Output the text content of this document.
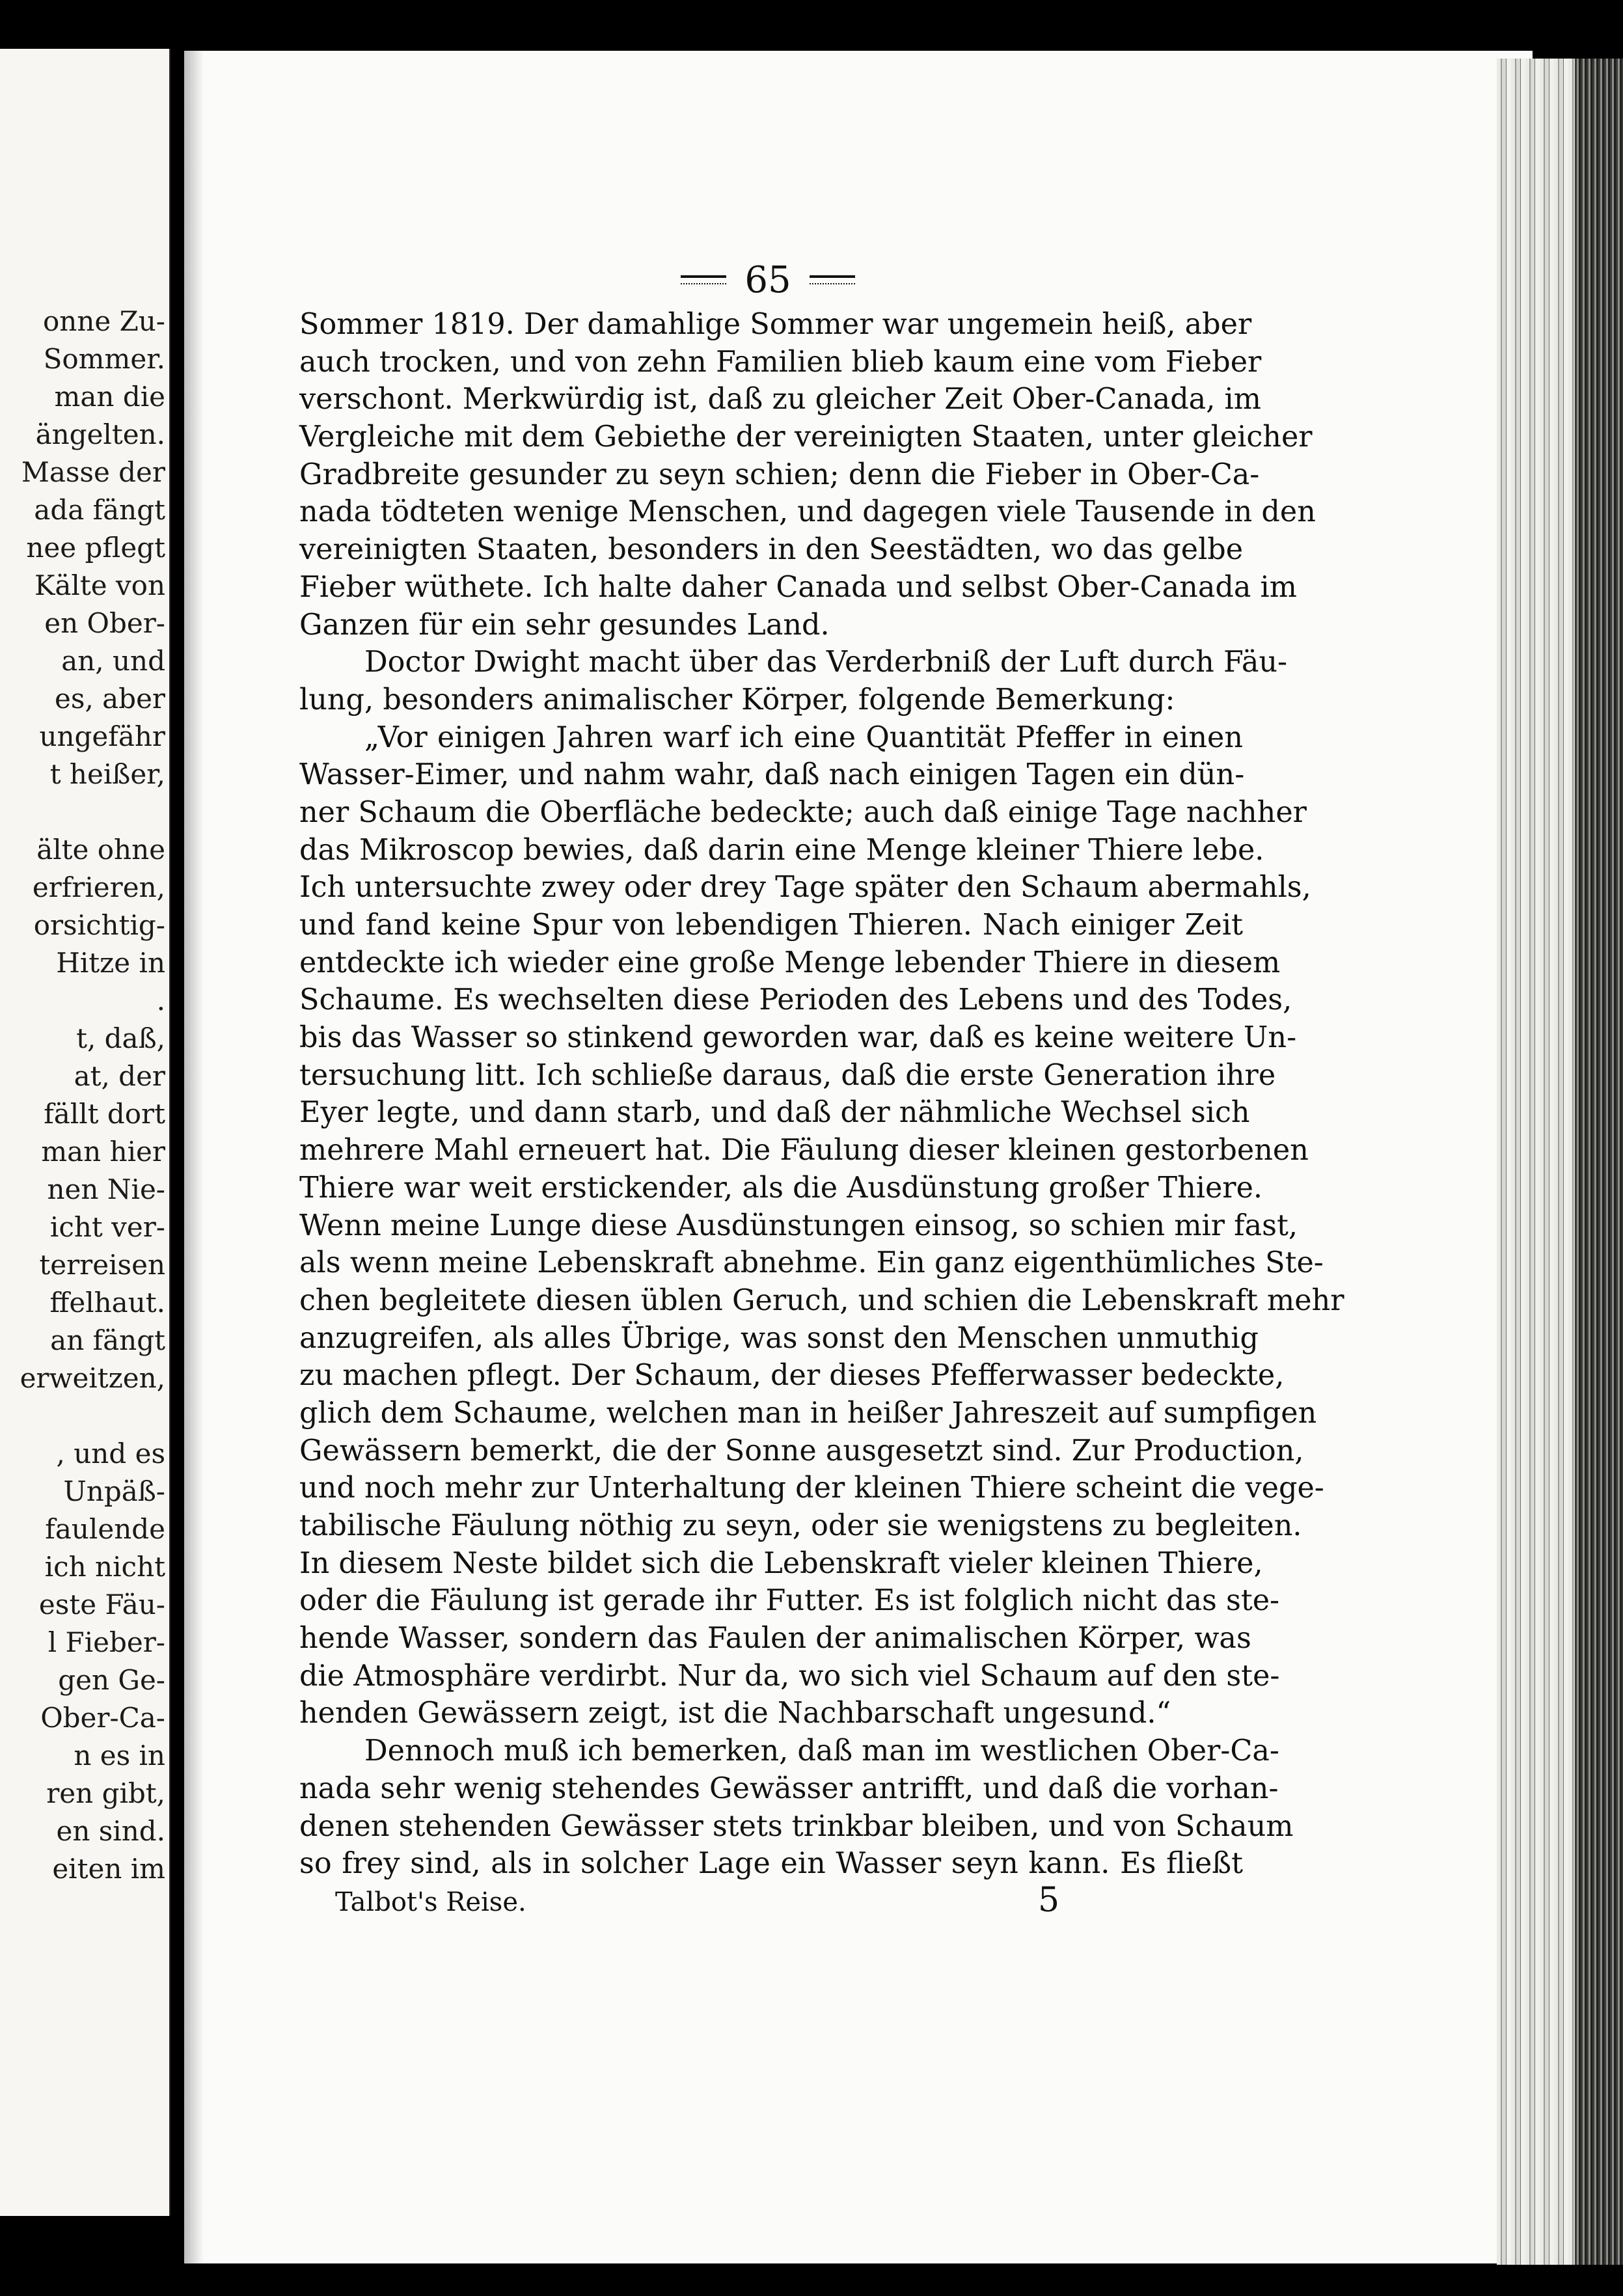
onne Zu-
Sommer.
man die
ängelten.
Masse der
ada fängt
nee pflegt
Kälte von
en Ober-
an, und
es, aber
ungefähr
t heißer,
älte ohne
erfrieren,
orsichtig-
Hitze in
.
t, daß,
at, der
fällt dort
man hier
nen Nie-
icht ver-
terreisen
ffelhaut.
an fängt
erweitzen,
, und es
Unpäß-
faulende
ich nicht
este Fäu-
l Fieber-
gen Ge-
Ober-Ca-
n es in
ren gibt,
en sind.
eiten im
65
Sommer 1819. Der damahlige Sommer war ungemein heiß, aber
auch trocken, und von zehn Familien blieb kaum eine vom Fieber
verschont. Merkwürdig ist, daß zu gleicher Zeit Ober-Canada, im
Vergleiche mit dem Gebiethe der vereinigten Staaten, unter gleicher
Gradbreite gesunder zu seyn schien; denn die Fieber in Ober-Ca-
nada tödteten wenige Menschen, und dagegen viele Tausende in den
vereinigten Staaten, besonders in den Seestädten, wo das gelbe
Fieber wüthete. Ich halte daher Canada und selbst Ober-Canada im
Ganzen für ein sehr gesundes Land.
Doctor Dwight macht über das Verderbniß der Luft durch Fäu-
lung, besonders animalischer Körper, folgende Bemerkung:
„Vor einigen Jahren warf ich eine Quantität Pfeffer in einen
Wasser-Eimer, und nahm wahr, daß nach einigen Tagen ein dün-
ner Schaum die Oberfläche bedeckte; auch daß einige Tage nachher
das Mikroscop bewies, daß darin eine Menge kleiner Thiere lebe.
Ich untersuchte zwey oder drey Tage später den Schaum abermahls,
und fand keine Spur von lebendigen Thieren. Nach einiger Zeit
entdeckte ich wieder eine große Menge lebender Thiere in diesem
Schaume. Es wechselten diese Perioden des Lebens und des Todes,
bis das Wasser so stinkend geworden war, daß es keine weitere Un-
tersuchung litt. Ich schließe daraus, daß die erste Generation ihre
Eyer legte, und dann starb, und daß der nähmliche Wechsel sich
mehrere Mahl erneuert hat. Die Fäulung dieser kleinen gestorbenen
Thiere war weit erstickender, als die Ausdünstung großer Thiere.
Wenn meine Lunge diese Ausdünstungen einsog, so schien mir fast,
als wenn meine Lebenskraft abnehme. Ein ganz eigenthümliches Ste-
chen begleitete diesen üblen Geruch, und schien die Lebenskraft mehr
anzugreifen, als alles Übrige, was sonst den Menschen unmuthig
zu machen pflegt. Der Schaum, der dieses Pfefferwasser bedeckte,
glich dem Schaume, welchen man in heißer Jahreszeit auf sumpfigen
Gewässern bemerkt, die der Sonne ausgesetzt sind. Zur Production,
und noch mehr zur Unterhaltung der kleinen Thiere scheint die vege-
tabilische Fäulung nöthig zu seyn, oder sie wenigstens zu begleiten.
In diesem Neste bildet sich die Lebenskraft vieler kleinen Thiere,
oder die Fäulung ist gerade ihr Futter. Es ist folglich nicht das ste-
hende Wasser, sondern das Faulen der animalischen Körper, was
die Atmosphäre verdirbt. Nur da, wo sich viel Schaum auf den ste-
henden Gewässern zeigt, ist die Nachbarschaft ungesund.“
Dennoch muß ich bemerken, daß man im westlichen Ober-Ca-
nada sehr wenig stehendes Gewässer antrifft, und daß die vorhan-
denen stehenden Gewässer stets trinkbar bleiben, und von Schaum
so frey sind, als in solcher Lage ein Wasser seyn kann. Es fließt
Talbot's Reise.	5
